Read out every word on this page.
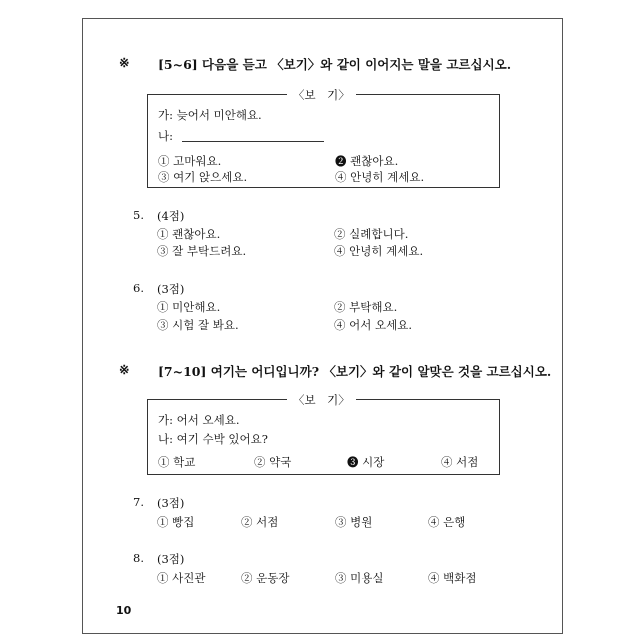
※ [5~6] 다음을 듣고 〈보기〉와 같이 이어지는 말을 고르십시오.
〈보　기〉
가: 늦어서 미안해요.
나:
① 고마워요.	❷ 괜찮아요.
③ 여기 앉으세요.	④ 안녕히 계세요.
5. (4점)
① 괜찮아요.	② 실례합니다.
③ 잘 부탁드려요.	④ 안녕히 계세요.
6. (3점)
① 미안해요.	② 부탁해요.
③ 시험 잘 봐요.	④ 어서 오세요.
※ [7~10] 여기는 어디입니까? 〈보기〉와 같이 알맞은 것을 고르십시오.
〈보　기〉
가: 어서 오세요.
나: 여기 수박 있어요?
① 학교	② 약국	❸ 시장	④ 서점
7. (3점)
① 빵집	② 서점	③ 병원	④ 은행
8. (3점)
① 사진관	② 운동장	③ 미용실	④ 백화점
10
